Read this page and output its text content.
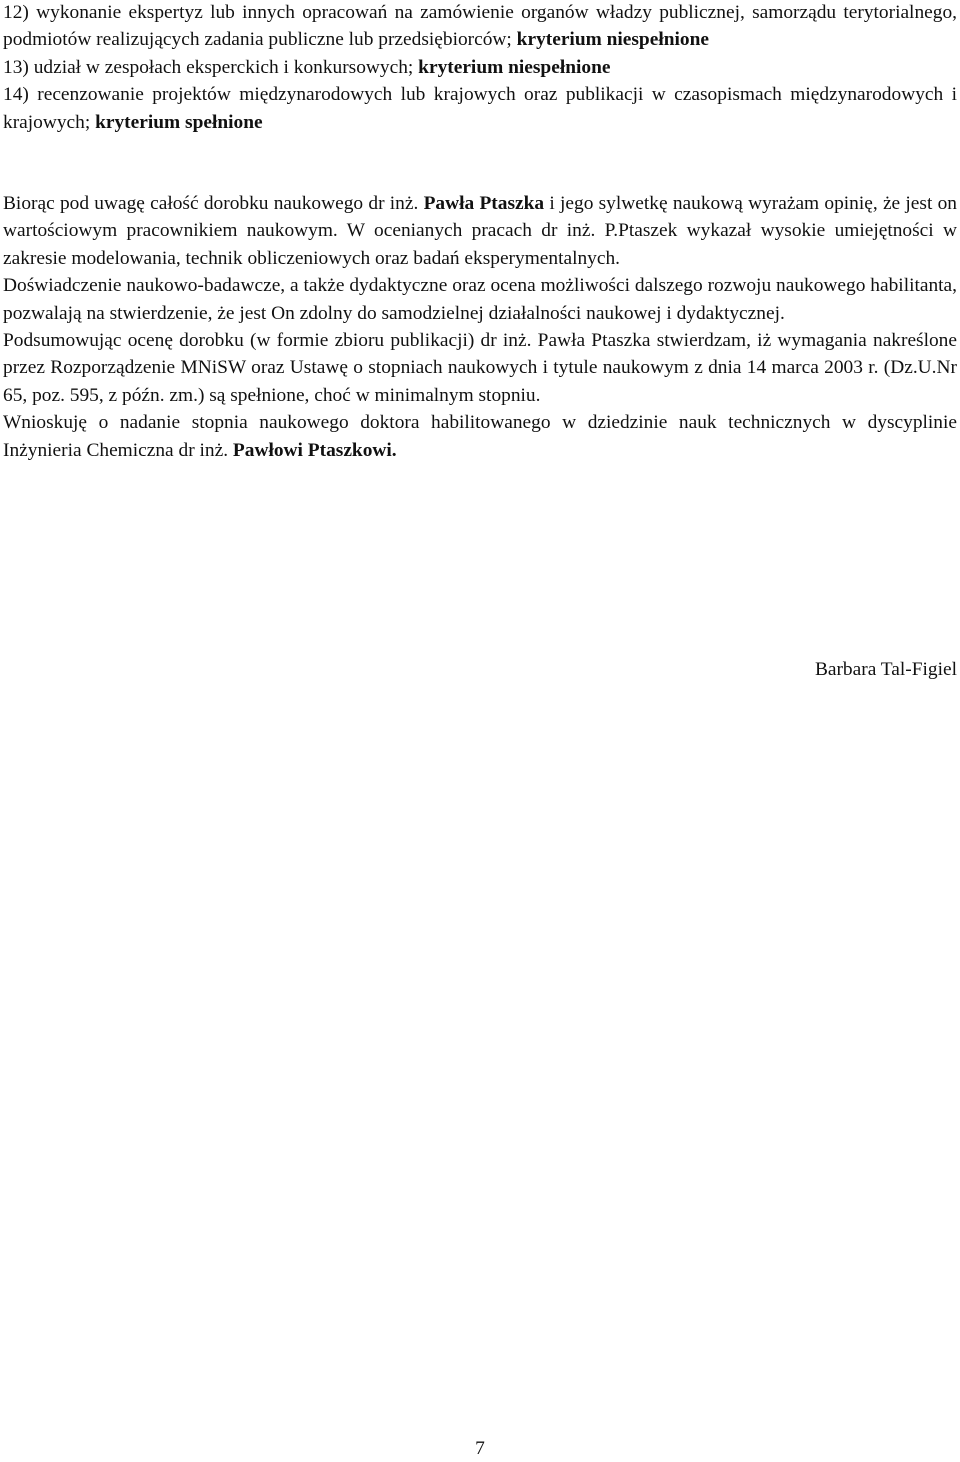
12) wykonanie ekspertyz lub innych opracowań na zamówienie organów władzy publicznej, samorządu terytorialnego, podmiotów realizujących zadania publiczne lub przedsiębiorców; kryterium niespełnione

13) udział w zespołach eksperckich i konkursowych; kryterium niespełnione

14) recenzowanie projektów międzynarodowych lub krajowych oraz publikacji w czasopismach międzynarodowych i krajowych; kryterium spełnione

Biorąc pod uwagę całość dorobku naukowego dr inż. Pawła Ptaszka i jego sylwetkę naukową wyrażam opinię, że jest on wartościowym pracownikiem naukowym. W ocenianych pracach dr inż. P.Ptaszek wykazał wysokie umiejętności w zakresie modelowania, technik obliczeniowych oraz badań eksperymentalnych.

Doświadczenie naukowo-badawcze, a także dydaktyczne oraz ocena możliwości dalszego rozwoju naukowego habilitanta, pozwalają na stwierdzenie, że jest On zdolny do samodzielnej działalności naukowej i dydaktycznej.

Podsumowując ocenę dorobku (w formie zbioru publikacji) dr inż. Pawła Ptaszka stwierdzam, iż wymagania nakreślone przez Rozporządzenie MNiSW oraz Ustawę o stopniach naukowych i tytule naukowym z dnia 14 marca 2003 r. (Dz.U.Nr 65, poz. 595, z późn. zm.) są spełnione, choć w minimalnym stopniu.

Wnioskuję o nadanie stopnia naukowego doktora habilitowanego w dziedzinie nauk technicznych w dyscyplinie Inżynieria Chemiczna dr inż. Pawłowi Ptaszkowi.

Barbara Tal-Figiel
7
